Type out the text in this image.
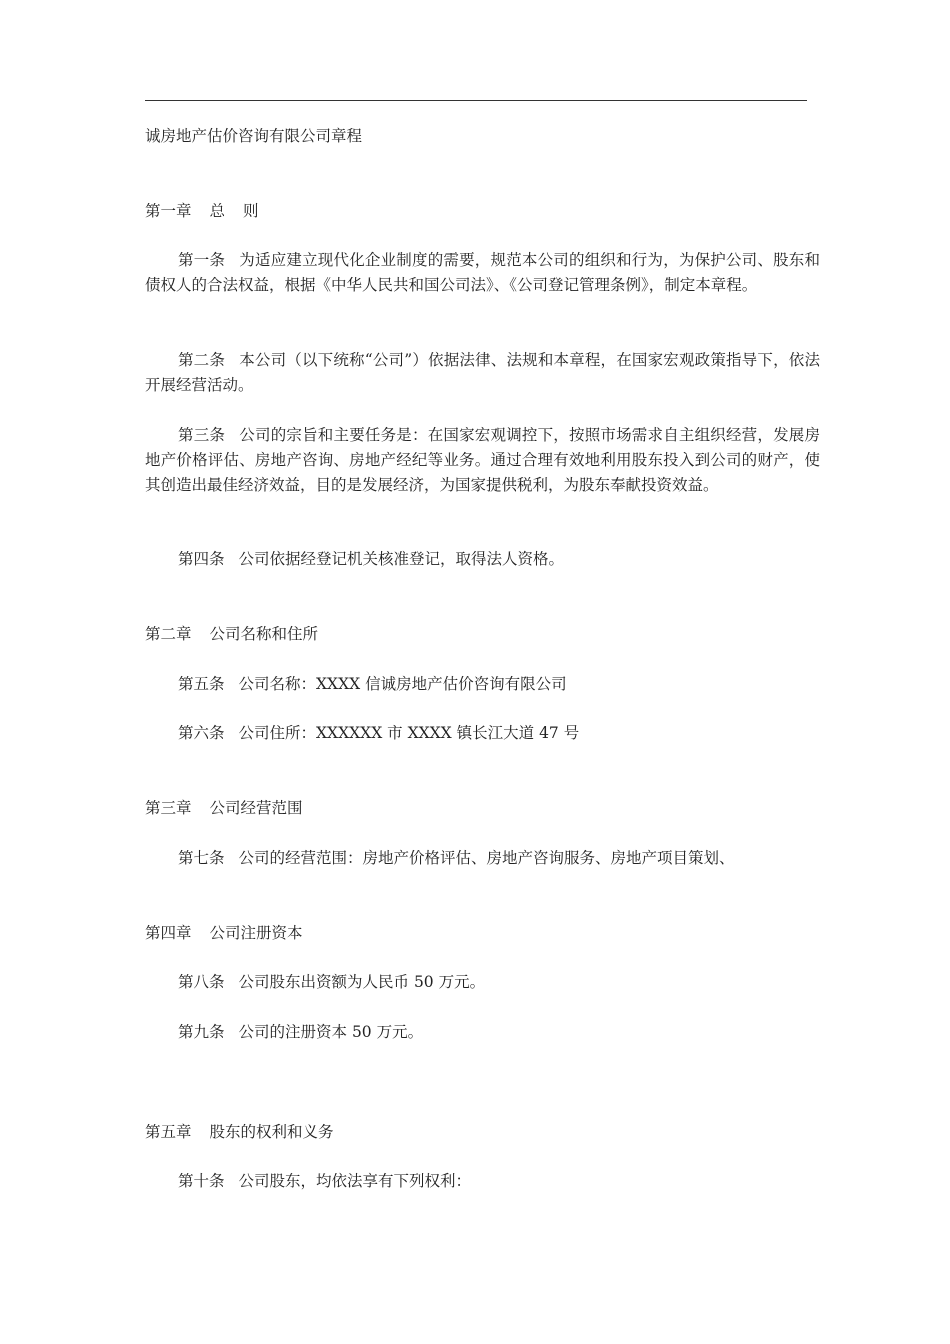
诚房地产估价咨询有限公司章程
第一章 总 则
第一条 为适应建立现代化企业制度的需要，规范本公司的组织和行为，为保护公司、股东和债权人的合法权益，根据《中华人民共和国公司法》、《公司登记管理条例》，制定本章程。
第二条 本公司（以下统称“公司”）依据法律、法规和本章程，在国家宏观政策指导下，依法开展经营活动。
第三条 公司的宗旨和主要任务是：在国家宏观调控下，按照市场需求自主组织经营，发展房地产价格评估、房地产咨询、房地产经纪等业务。通过合理有效地利用股东投入到公司的财产，使其创造出最佳经济效益，目的是发展经济，为国家提供税利，为股东奉献投资效益。
第四条 公司依据经登记机关核准登记，取得法人资格。
第二章 公司名称和住所
第五条 公司名称：XXXX 信诚房地产估价咨询有限公司
第六条 公司住所：XXXXXX 市 XXXX 镇长江大道 47 号
第三章 公司经营范围
第七条 公司的经营范围：房地产价格评估、房地产咨询服务、房地产项目策划、
第四章 公司注册资本
第八条 公司股东出资额为人民币 50 万元。
第九条 公司的注册资本 50 万元。
第五章 股东的权利和义务
第十条 公司股东，均依法享有下列权利：
